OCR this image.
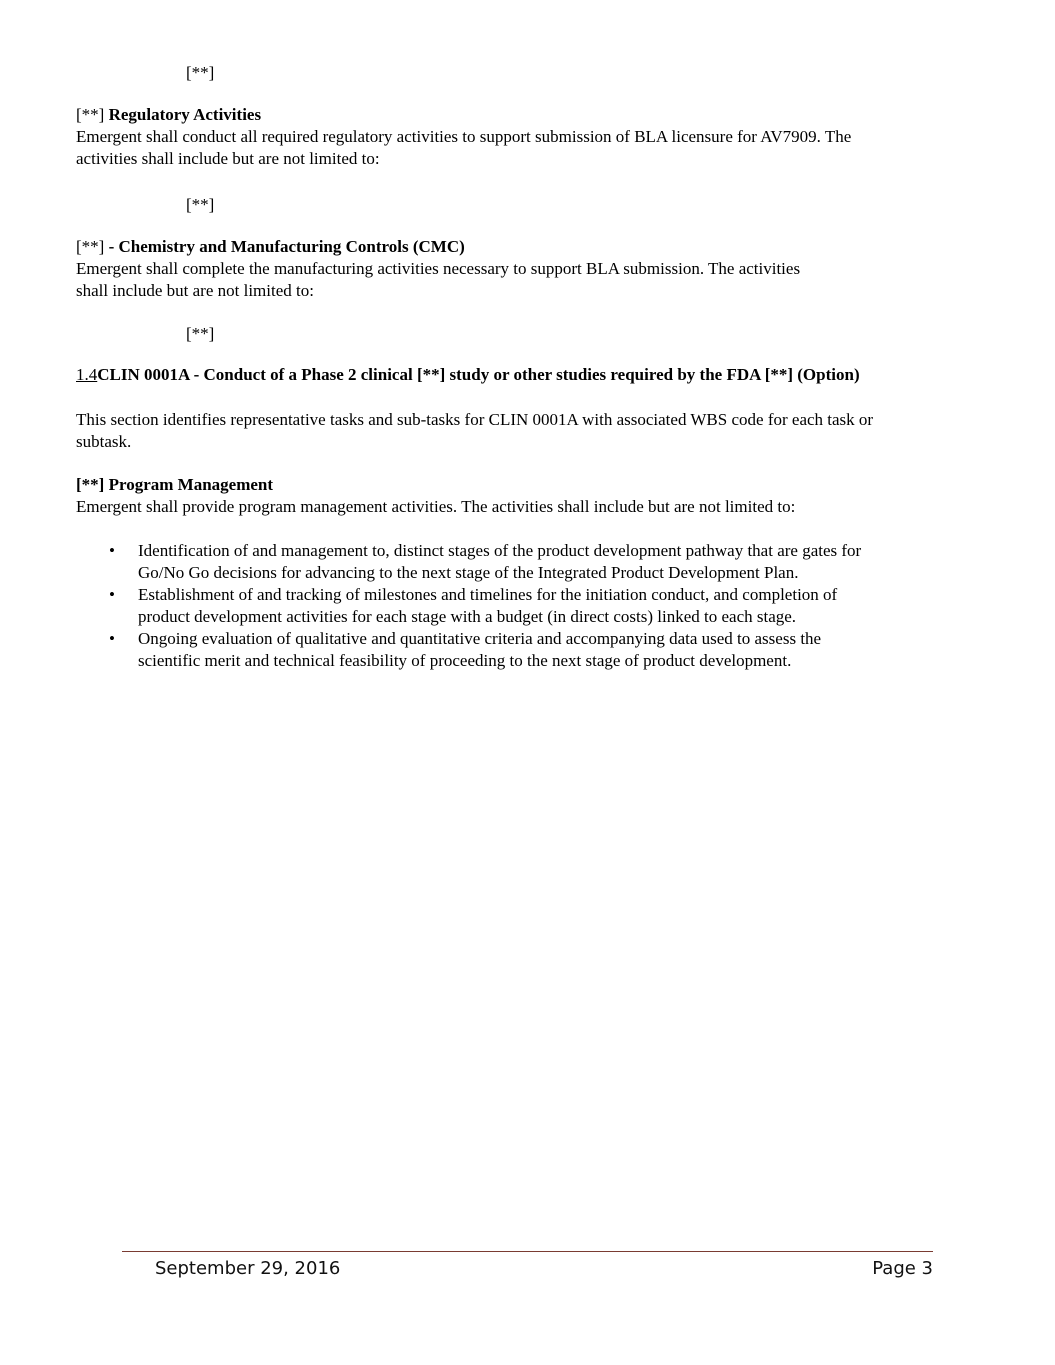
[**]

[**] Regulatory Activities
Emergent shall conduct all required regulatory activities to support submission of BLA licensure for AV7909. The
activities shall include but are not limited to:

[**]

[**] - Chemistry and Manufacturing Controls (CMC)
Emergent shall complete the manufacturing activities necessary to support BLA submission. The activities
shall include but are not limited to:

[**]

1.4CLIN 0001A - Conduct of a Phase 2 clinical [**] study or other studies required by the FDA [**] (Option)
This section identifies representative tasks and sub-tasks for CLIN 0001A with associated WBS code for each task or
subtask.
[**] Program Management
Emergent shall provide program management activities. The activities shall include but are not limited to:
• Identification of and management to, distinct stages of the product development pathway that are gates for
Go/No Go decisions for advancing to the next stage of the Integrated Product Development Plan.
• Establishment of and tracking of milestones and timelines for the initiation conduct, and completion of
product development activities for each stage with a budget (in direct costs) linked to each stage.
• Ongoing evaluation of qualitative and quantitative criteria and accompanying data used to assess the
scientific merit and technical feasibility of proceeding to the next stage of product development.
September 29, 2016	Page 3
